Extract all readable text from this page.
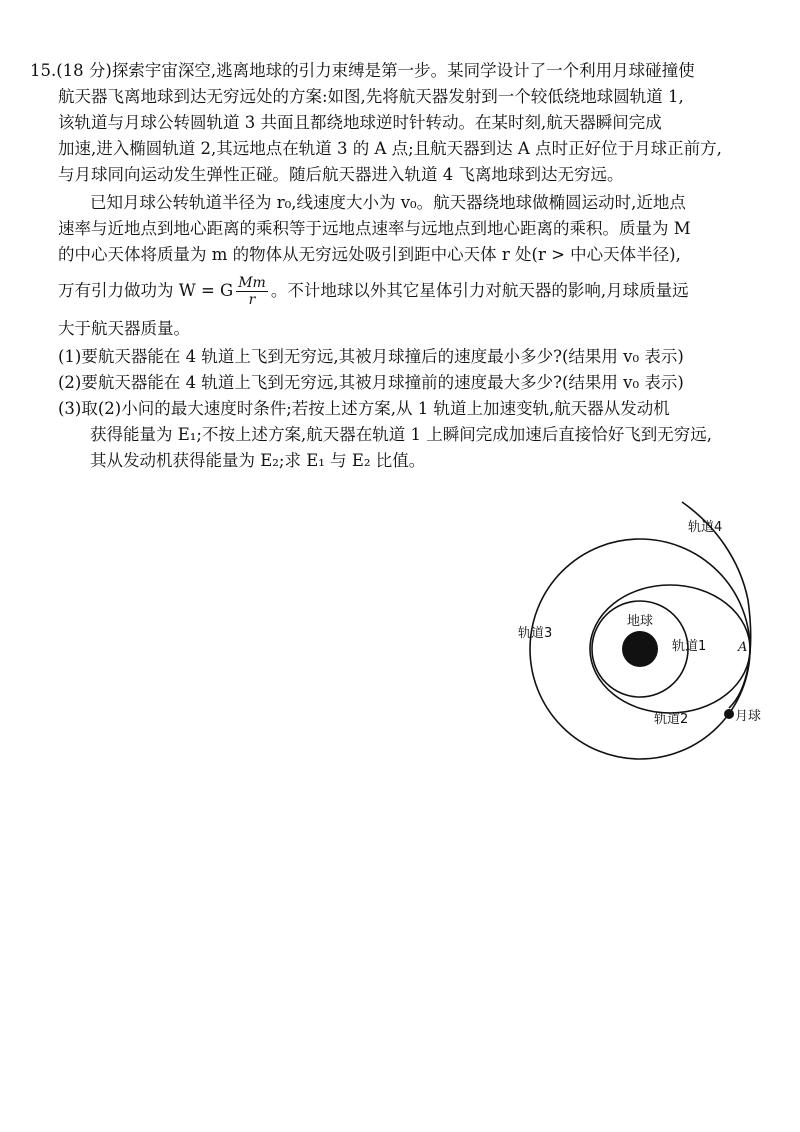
15.(18 分)探索宇宙深空,逃离地球的引力束缚是第一步。某同学设计了一个利用月球碰撞使
航天器飞离地球到达无穷远处的方案:如图,先将航天器发射到一个较低绕地球圆轨道 1,
该轨道与月球公转圆轨道 3 共面且都绕地球逆时针转动。在某时刻,航天器瞬间完成
加速,进入椭圆轨道 2,其远地点在轨道 3 的 A 点;且航天器到达 A 点时正好位于月球正前方,
与月球同向运动发生弹性正碰。随后航天器进入轨道 4 飞离地球到达无穷远。
已知月球公转轨道半径为 r₀,线速度大小为 v₀。航天器绕地球做椭圆运动时,近地点
速率与近地点到地心距离的乘积等于远地点速率与远地点到地心距离的乘积。质量为 M
的中心天体将质量为 m 的物体从无穷远处吸引到距中心天体 r 处(r > 中心天体半径),
万有引力做功为 W = G $\frac{Mm}{r}$ 。不计地球以外其它星体引力对航天器的影响,月球质量远
大于航天器质量。
(1)要航天器能在 4 轨道上飞到无穷远,其被月球撞后的速度最小多少?(结果用 v₀ 表示)
(2)要航天器能在 4 轨道上飞到无穷远,其被月球撞前的速度最大多少?(结果用 v₀ 表示)
(3)取(2)小问的最大速度时条件;若按上述方案,从 1 轨道上加速变轨,航天器从发动机
获得能量为 E₁;不按上述方案,航天器在轨道 1 上瞬间完成加速后直接恰好飞到无穷远,
其从发动机获得能量为 E₂;求 E₁ 与 E₂ 比值。
轨道4
轨道3
地球
轨道1 A
轨道2	月球
